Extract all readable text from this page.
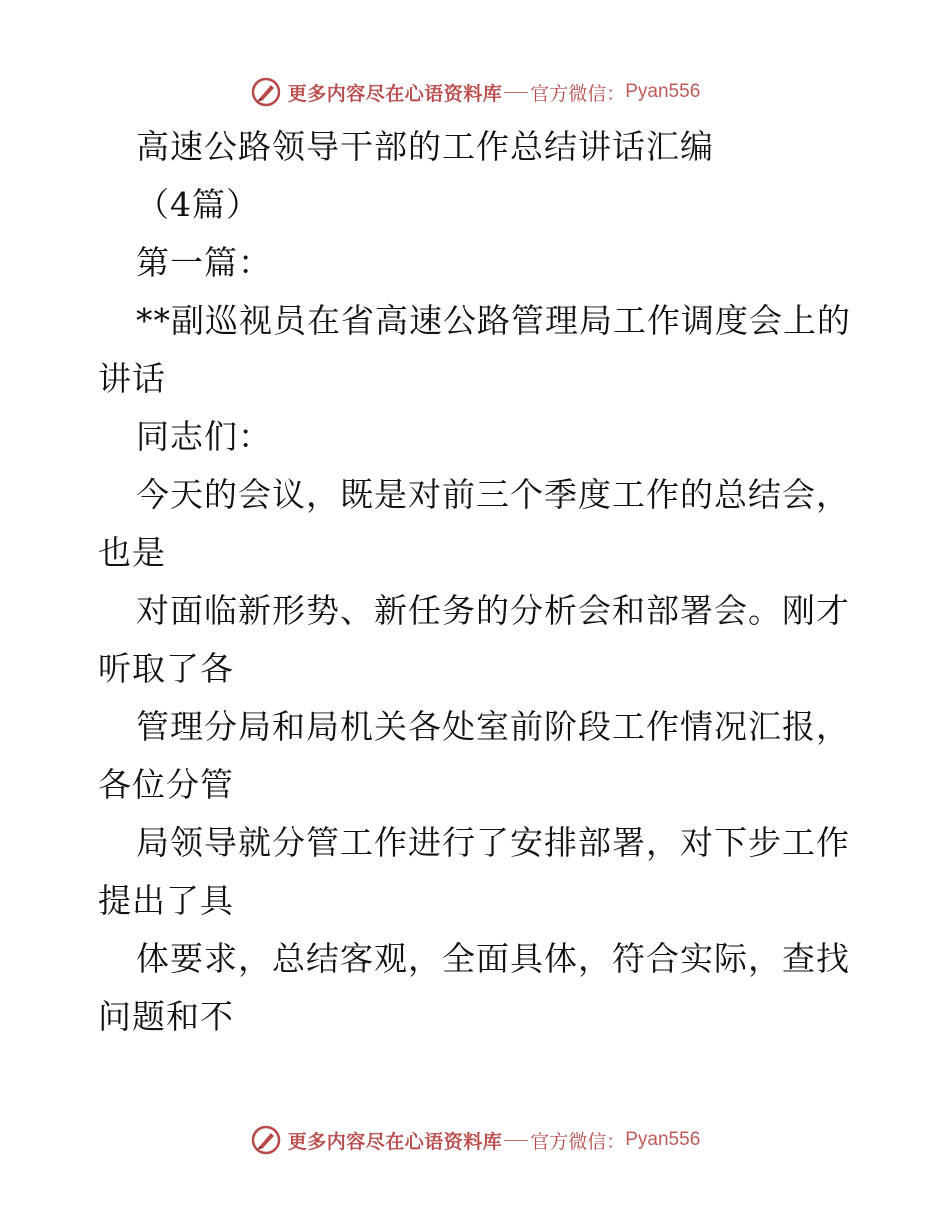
更多内容尽在心语资料库 官方微信： Pyan556
高速公路领导干部的工作总结讲话汇编
（4篇）
第一篇：
**副巡视员在省高速公路管理局工作调度会上的
讲话
同志们：
今天的会议，既是对前三个季度工作的总结会，
也是
对面临新形势、新任务的分析会和部署会。刚才
听取了各
管理分局和局机关各处室前阶段工作情况汇报，
各位分管
局领导就分管工作进行了安排部署，对下步工作
提出了具
体要求，总结客观，全面具体，符合实际，查找
问题和不
更多内容尽在心语资料库 官方微信： Pyan556
